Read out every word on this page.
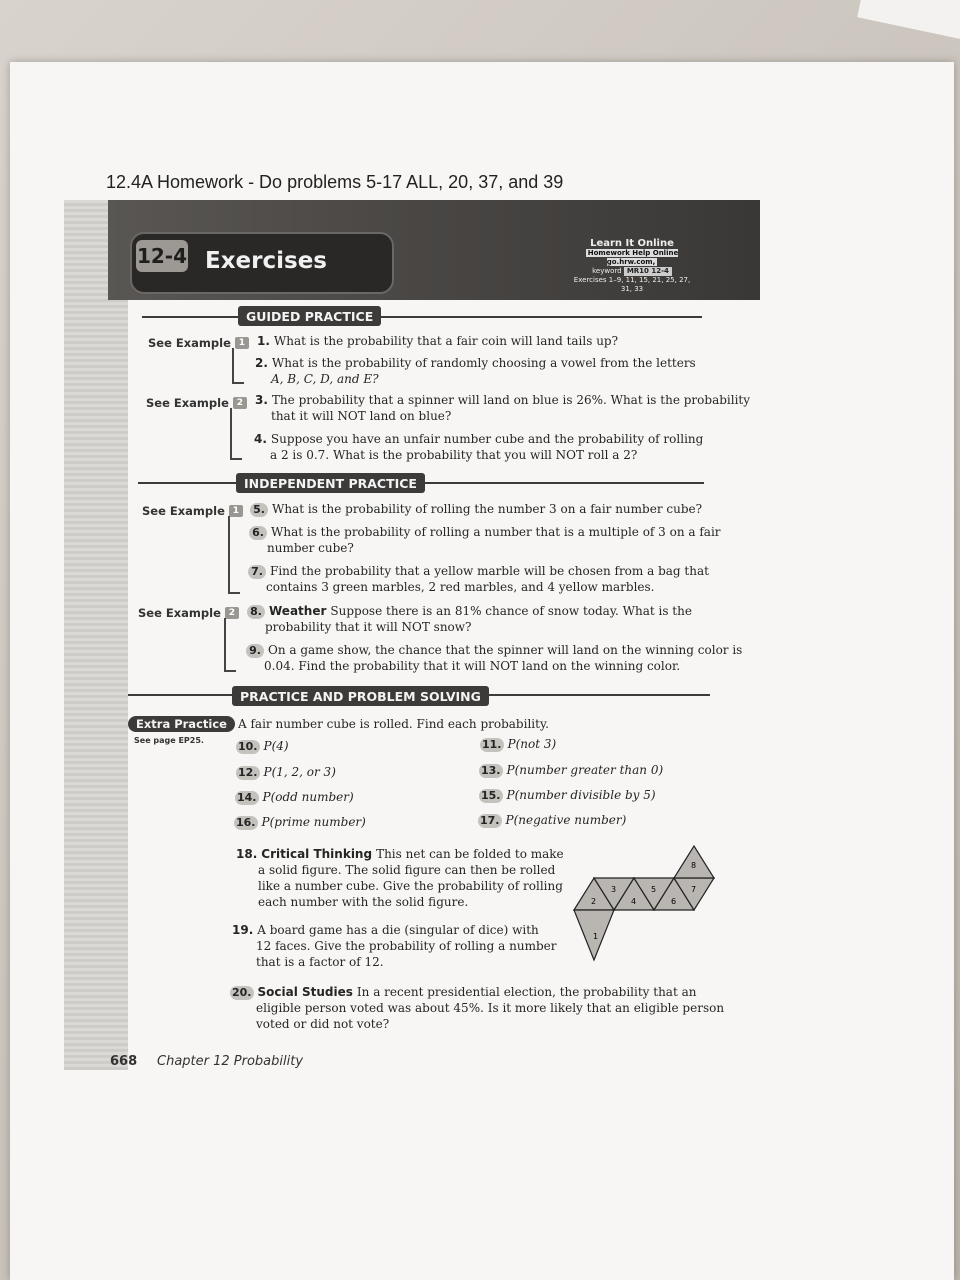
12.4A Homework - Do problems 5-17 ALL, 20, 37, and 39
12-4 Exercises
Learn It Online
Homework Help Online go.hrw.com,
keyword MR10 12-4
Exercises 1–9, 11, 15, 21, 25, 27,
31, 33
GUIDED PRACTICE
See Example 1 1. What is the probability that a fair coin will land tails up?
2. What is the probability of randomly choosing a vowel from the letters
A, B, C, D, and E?
See Example 2 3. The probability that a spinner will land on blue is 26%. What is the probability
that it will NOT land on blue?
4. Suppose you have an unfair number cube and the probability of rolling
a 2 is 0.7. What is the probability that you will NOT roll a 2?
INDEPENDENT PRACTICE
See Example 1	5. What is the probability of rolling the number 3 on a fair number cube?
6. What is the probability of rolling a number that is a multiple of 3 on a fair
number cube?
7. Find the probability that a yellow marble will be chosen from a bag that
contains 3 green marbles, 2 red marbles, and 4 yellow marbles.
See Example 2	8. Weather Suppose there is an 81% chance of snow today. What is the
probability that it will NOT snow?
9. On a game show, the chance that the spinner will land on the winning color is
0.04. Find the probability that it will NOT land on the winning color.
PRACTICE AND PROBLEM SOLVING
Extra Practice
See page EP25.
A fair number cube is rolled. Find each probability.
10. P(4)	11. P(not 3)
12. P(1, 2, or 3)	13. P(number greater than 0)
14. P(odd number)	15. P(number divisible by 5)
16. P(prime number)	17. P(negative number)
18. Critical Thinking This net can be folded to make
a solid figure. The solid figure can then be rolled
like a number cube. Give the probability of rolling
each number with the solid figure.
19. A board game has a die (singular of dice) with
12 faces. Give the probability of rolling a number
that is a factor of 12.
20. Social Studies In a recent presidential election, the probability that an
eligible person voted was about 45%. Is it more likely that an eligible person
voted or did not vote?
1
2
3
4
5
6
7
8
668 Chapter 12 Probability
